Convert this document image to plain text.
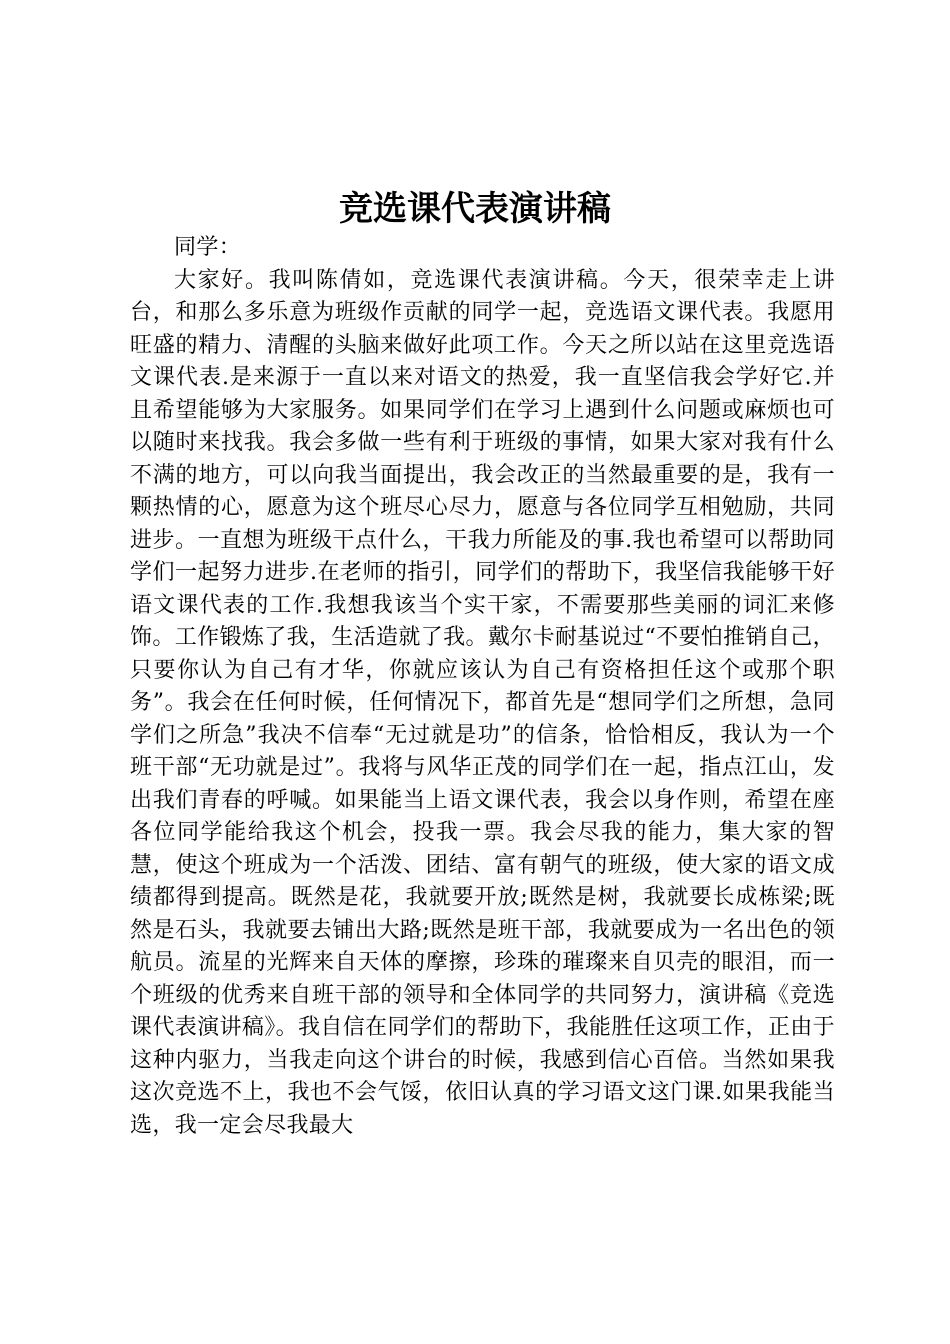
竞选课代表演讲稿

同学：

大家好。我叫陈倩如，竞选课代表演讲稿。今天，很荣幸走上讲台，和那么多乐意为班级作贡献的同学一起，竞选语文课代表。我愿用旺盛的精力、清醒的头脑来做好此项工作。今天之所以站在这里竞选语文课代表.是来源于一直以来对语文的热爱，我一直坚信我会学好它.并且希望能够为大家服务。如果同学们在学习上遇到什么问题或麻烦也可以随时来找我。我会多做一些有利于班级的事情，如果大家对我有什么不满的地方，可以向我当面提出，我会改正的当然最重要的是，我有一颗热情的心，愿意为这个班尽心尽力，愿意与各位同学互相勉励，共同进步。一直想为班级干点什么，干我力所能及的事.我也希望可以帮助同学们一起努力进步.在老师的指引，同学们的帮助下，我坚信我能够干好语文课代表的工作.我想我该当个实干家，不需要那些美丽的词汇来修饰。工作锻炼了我，生活造就了我。戴尔卡耐基说过“不要怕推销自己，只要你认为自己有才华，你就应该认为自己有资格担任这个或那个职务”。我会在任何时候，任何情况下，都首先是“想同学们之所想，急同学们之所急”我决不信奉“无过就是功”的信条，恰恰相反，我认为一个班干部“无功就是过”。我将与风华正茂的同学们在一起，指点江山，发出我们青春的呼喊。如果能当上语文课代表，我会以身作则，希望在座各位同学能给我这个机会，投我一票。我会尽我的能力，集大家的智慧，使这个班成为一个活泼、团结、富有朝气的班级，使大家的语文成绩都得到提高。既然是花，我就要开放;既然是树，我就要长成栋梁;既然是石头，我就要去铺出大路;既然是班干部，我就要成为一名出色的领航员。流星的光辉来自天体的摩擦，珍珠的璀璨来自贝壳的眼泪，而一个班级的优秀来自班干部的领导和全体同学的共同努力，演讲稿《竞选课代表演讲稿》。我自信在同学们的帮助下，我能胜任这项工作，正由于这种内驱力，当我走向这个讲台的时候，我感到信心百倍。当然如果我这次竞选不上，我也不会气馁，依旧认真的学习语文这门课.如果我能当选，我一定会尽我最大
